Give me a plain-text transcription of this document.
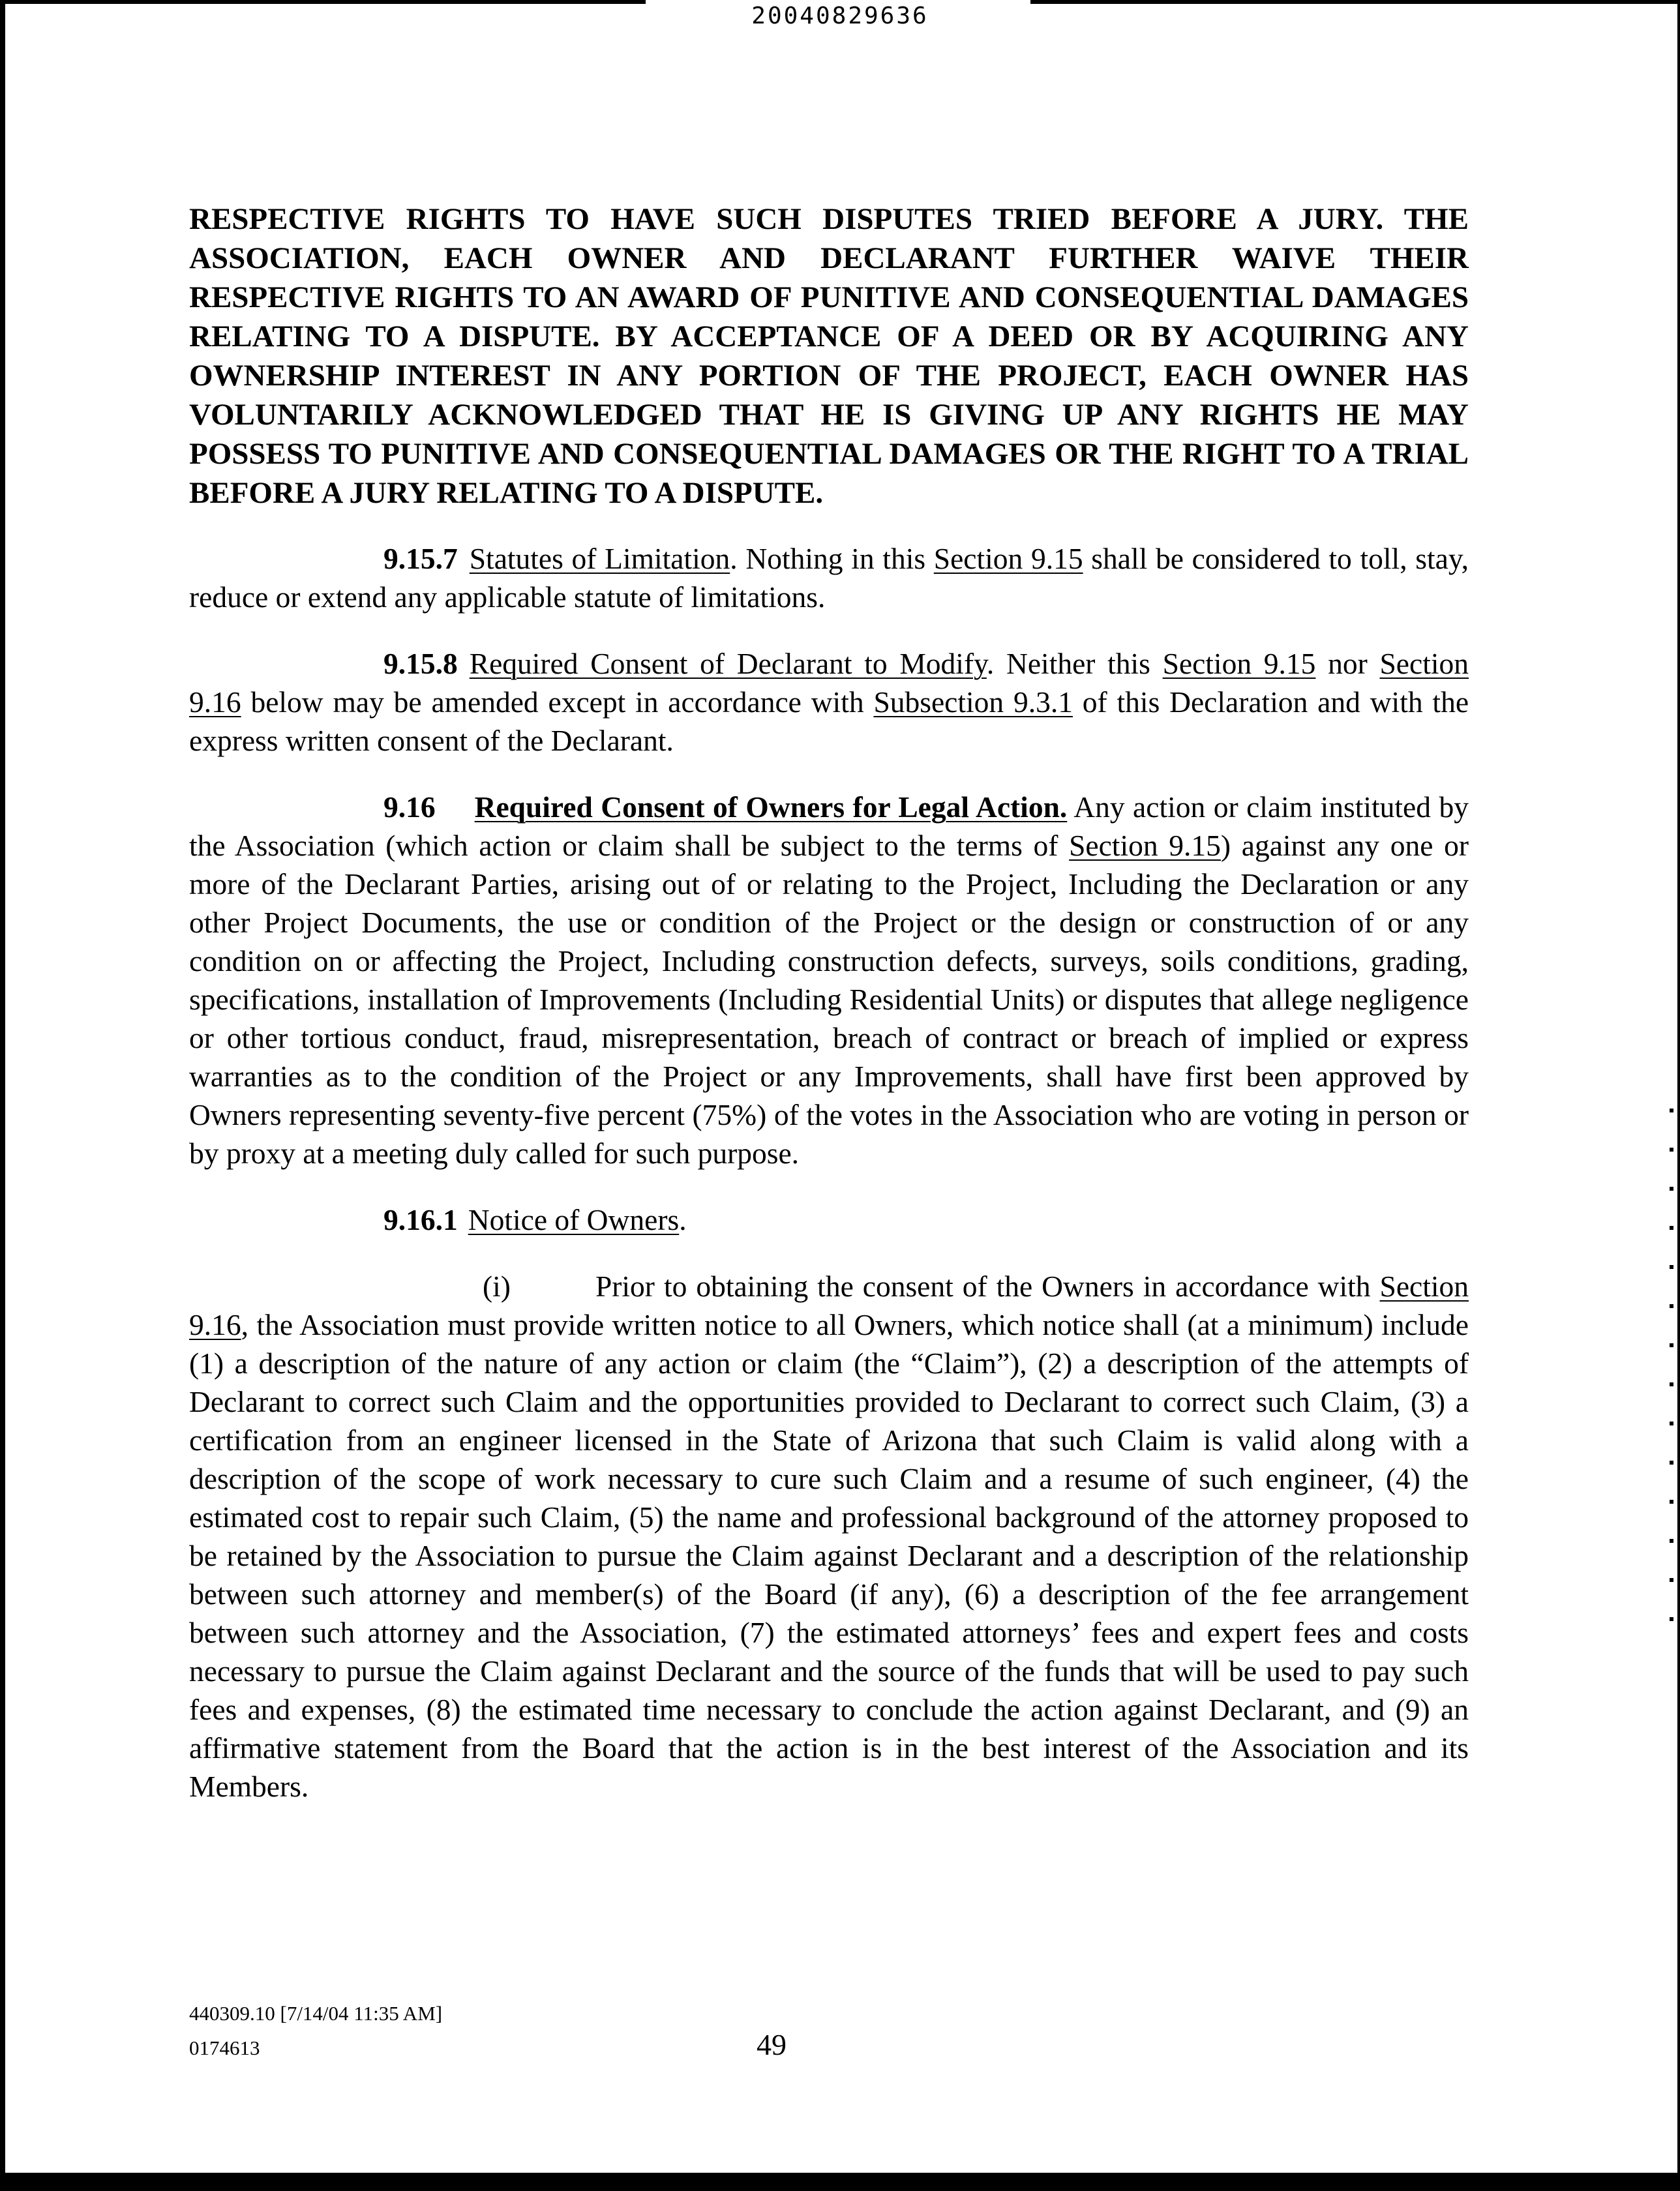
20040829636

RESPECTIVE RIGHTS TO HAVE SUCH DISPUTES TRIED BEFORE A JURY. THE ASSOCIATION, EACH OWNER AND DECLARANT FURTHER WAIVE THEIR RESPECTIVE RIGHTS TO AN AWARD OF PUNITIVE AND CONSEQUENTIAL DAMAGES RELATING TO A DISPUTE. BY ACCEPTANCE OF A DEED OR BY ACQUIRING ANY OWNERSHIP INTEREST IN ANY PORTION OF THE PROJECT, EACH OWNER HAS VOLUNTARILY ACKNOWLEDGED THAT HE IS GIVING UP ANY RIGHTS HE MAY POSSESS TO PUNITIVE AND CONSEQUENTIAL DAMAGES OR THE RIGHT TO A TRIAL BEFORE A JURY RELATING TO A DISPUTE.

9.15.7 Statutes of Limitation. Nothing in this Section 9.15 shall be considered to toll, stay, reduce or extend any applicable statute of limitations.

9.15.8 Required Consent of Declarant to Modify. Neither this Section 9.15 nor Section 9.16 below may be amended except in accordance with Subsection 9.3.1 of this Declaration and with the express written consent of the Declarant.

9.16 Required Consent of Owners for Legal Action. Any action or claim instituted by the Association (which action or claim shall be subject to the terms of Section 9.15) against any one or more of the Declarant Parties, arising out of or relating to the Project, Including the Declaration or any other Project Documents, the use or condition of the Project or the design or construction of or any condition on or affecting the Project, Including construction defects, surveys, soils conditions, grading, specifications, installation of Improvements (Including Residential Units) or disputes that allege negligence or other tortious conduct, fraud, misrepresentation, breach of contract or breach of implied or express warranties as to the condition of the Project or any Improvements, shall have first been approved by Owners representing seventy-five percent (75%) of the votes in the Association who are voting in person or by proxy at a meeting duly called for such purpose.

9.16.1 Notice of Owners.

(i)	Prior to obtaining the consent of the Owners in accordance with Section 9.16, the Association must provide written notice to all Owners, which notice shall (at a minimum) include (1) a description of the nature of any action or claim (the “Claim”), (2) a description of the attempts of Declarant to correct such Claim and the opportunities provided to Declarant to correct such Claim, (3) a certification from an engineer licensed in the State of Arizona that such Claim is valid along with a description of the scope of work necessary to cure such Claim and a resume of such engineer, (4) the estimated cost to repair such Claim, (5) the name and professional background of the attorney proposed to be retained by the Association to pursue the Claim against Declarant and a description of the relationship between such attorney and member(s) of the Board (if any), (6) a description of the fee arrangement between such attorney and the Association, (7) the estimated attorneys’ fees and expert fees and costs necessary to pursue the Claim against Declarant and the source of the funds that will be used to pay such fees and expenses, (8) the estimated time necessary to conclude the action against Declarant, and (9) an affirmative statement from the Board that the action is in the best interest of the Association and its Members.

440309.10 [7/14/04 11:35 AM]
0174613	49
